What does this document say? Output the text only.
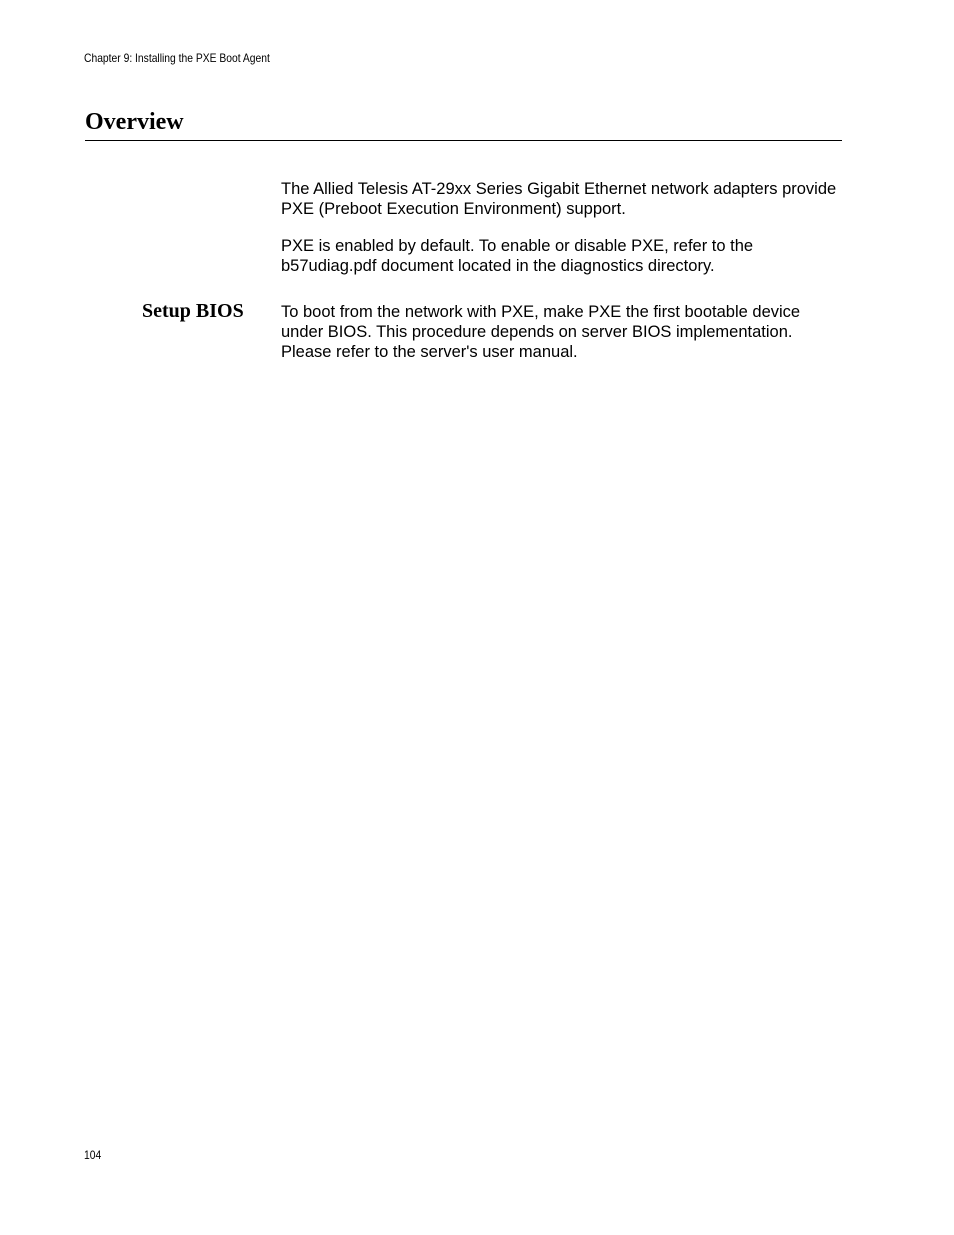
Chapter 9: Installing the PXE Boot Agent
Overview

The Allied Telesis AT-29xx Series Gigabit Ethernet network adapters provide PXE (Preboot Execution Environment) support.

PXE is enabled by default. To enable or disable PXE, refer to the b57udiag.pdf document located in the diagnostics directory.

Setup BIOS To boot from the network with PXE, make PXE the first bootable device under BIOS. This procedure depends on server BIOS implementation. Please refer to the server's user manual.

104
